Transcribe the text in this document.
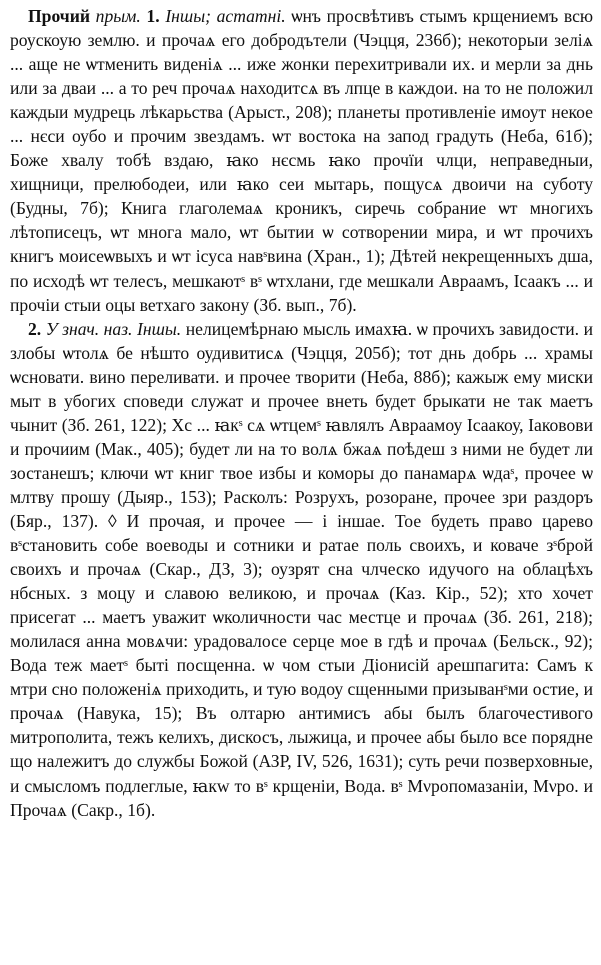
Прочий прым. 1. Іншы; астатні. ѡнъ просвѣтивъ стымъ крщениемъ всю роускоую землю. и прочаѧ его добродътели (Чэцця, 236б); некоторыи зеліѧ ... аще не ѡтменить виденіѧ ... иже жонки перехитривали их. и мерли за днь или за дваи ... а то реч прочаѧ находитсѧ въ лпце в каждои. на то не положил каждыи мудрець лѣкарьства (Арыст., 208); планеты противленіе имоут некое ... нєси оубо и прочим звездамъ. ѡт востока на запод градуть (Неба, 61б); Боже хвалу тобѣ вздаю, ꙗко нєсмь ꙗко прочїи члци, неправедныи, хищници, прелюбодеи, или ꙗко сеи мытарь, пощусѧ двоичи на суботу (Будны, 7б); Книга глаголемаѧ кроникъ, сиречь собрание ѡт многихъ лѣтописецъ, ѡт многа мало, ѡт бытии ѡ сотворении мира, и ѡт прочихъ книгъ моисеѡвыхъ и ѡт ісуса навˢвина (Хран., 1); Дѣтей некрещенныхъ дша, по исходѣ ѡт телесъ, мешкаютˢ вˢ ѡтхлани, где мешкали Авраамъ, Ісаакъ ... и прочіи стыи оцы ветхаго закону (Зб. вып., 7б).

2. У знач. наз. Іншы. нелицемѣрнаю мысль имахꙗ. ѡ прочихъ завидости. и злобы ѡтолѧ бе нѣшто оудивитисѧ (Чэцця, 205б); тот днь добрь ... храмы ѡсновати. вино переливати. и прочее творити (Неба, 88б); кажыж ему миски мыт в убогих споведи служат и прочее внеть будет брыкати не так маетъ чынит (Зб. 261, 122); Хс ... ꙗкˢ сѧ ѡтцемˢ ꙗвлялъ Авраамоу Ісаакоу, Іаковови и прочиим (Мак., 405); будет ли на то волѧ бжаѧ поѣдеш з ними не будет ли зостанешъ; ключи ѡт книг твое избы и коморы до панамарѧ ѡдаˢ, прочее ѡ млтву прошу (Дыяр., 153); Расколъ: Розрухъ, розоране, прочее зри раздоръ (Бяр., 137). ◊ И прочая, и прочее — і іншае. Тое будеть право царево вˢстановить собе воеводы и сотники и ратае поль своихъ, и коваче зˢброй своихъ и прочаѧ (Скар., ДЗ, 3); оузрят сна члческо идучого на облацѣхъ нбсных. з моцу и славою великою, и прочаѧ (Каз. Кір., 52); хто хочет присегат ... маетъ уважит ѡколичности час местце и прочаѧ (Зб. 261, 218); молилася анна мовѧчи: урадовалосе серце мое в гдѣ и прочаѧ (Бельск., 92); Вода теж маетˢ быті посщенна. ѡ чом стыи Діонисій арешпагита: Самъ к мтри сно положеніѧ приходить, и тую водоу сщенными призыванˢми остие, и прочаѧ (Навука, 15); Въ олтарю антимисъ абы былъ благочестивого митрополита, тежъ келихъ, дискосъ, лыжица, и прочее абы было все порядне що належитъ до службы Божой (АЗР, IV, 526, 1631); суть речи позверховные, и смысломъ подлеглые, ꙗкw то вˢ крщеніи, Вода. вˢ Мνропомазаніи, Мνро. и Прочаѧ (Сакр., 1б).
